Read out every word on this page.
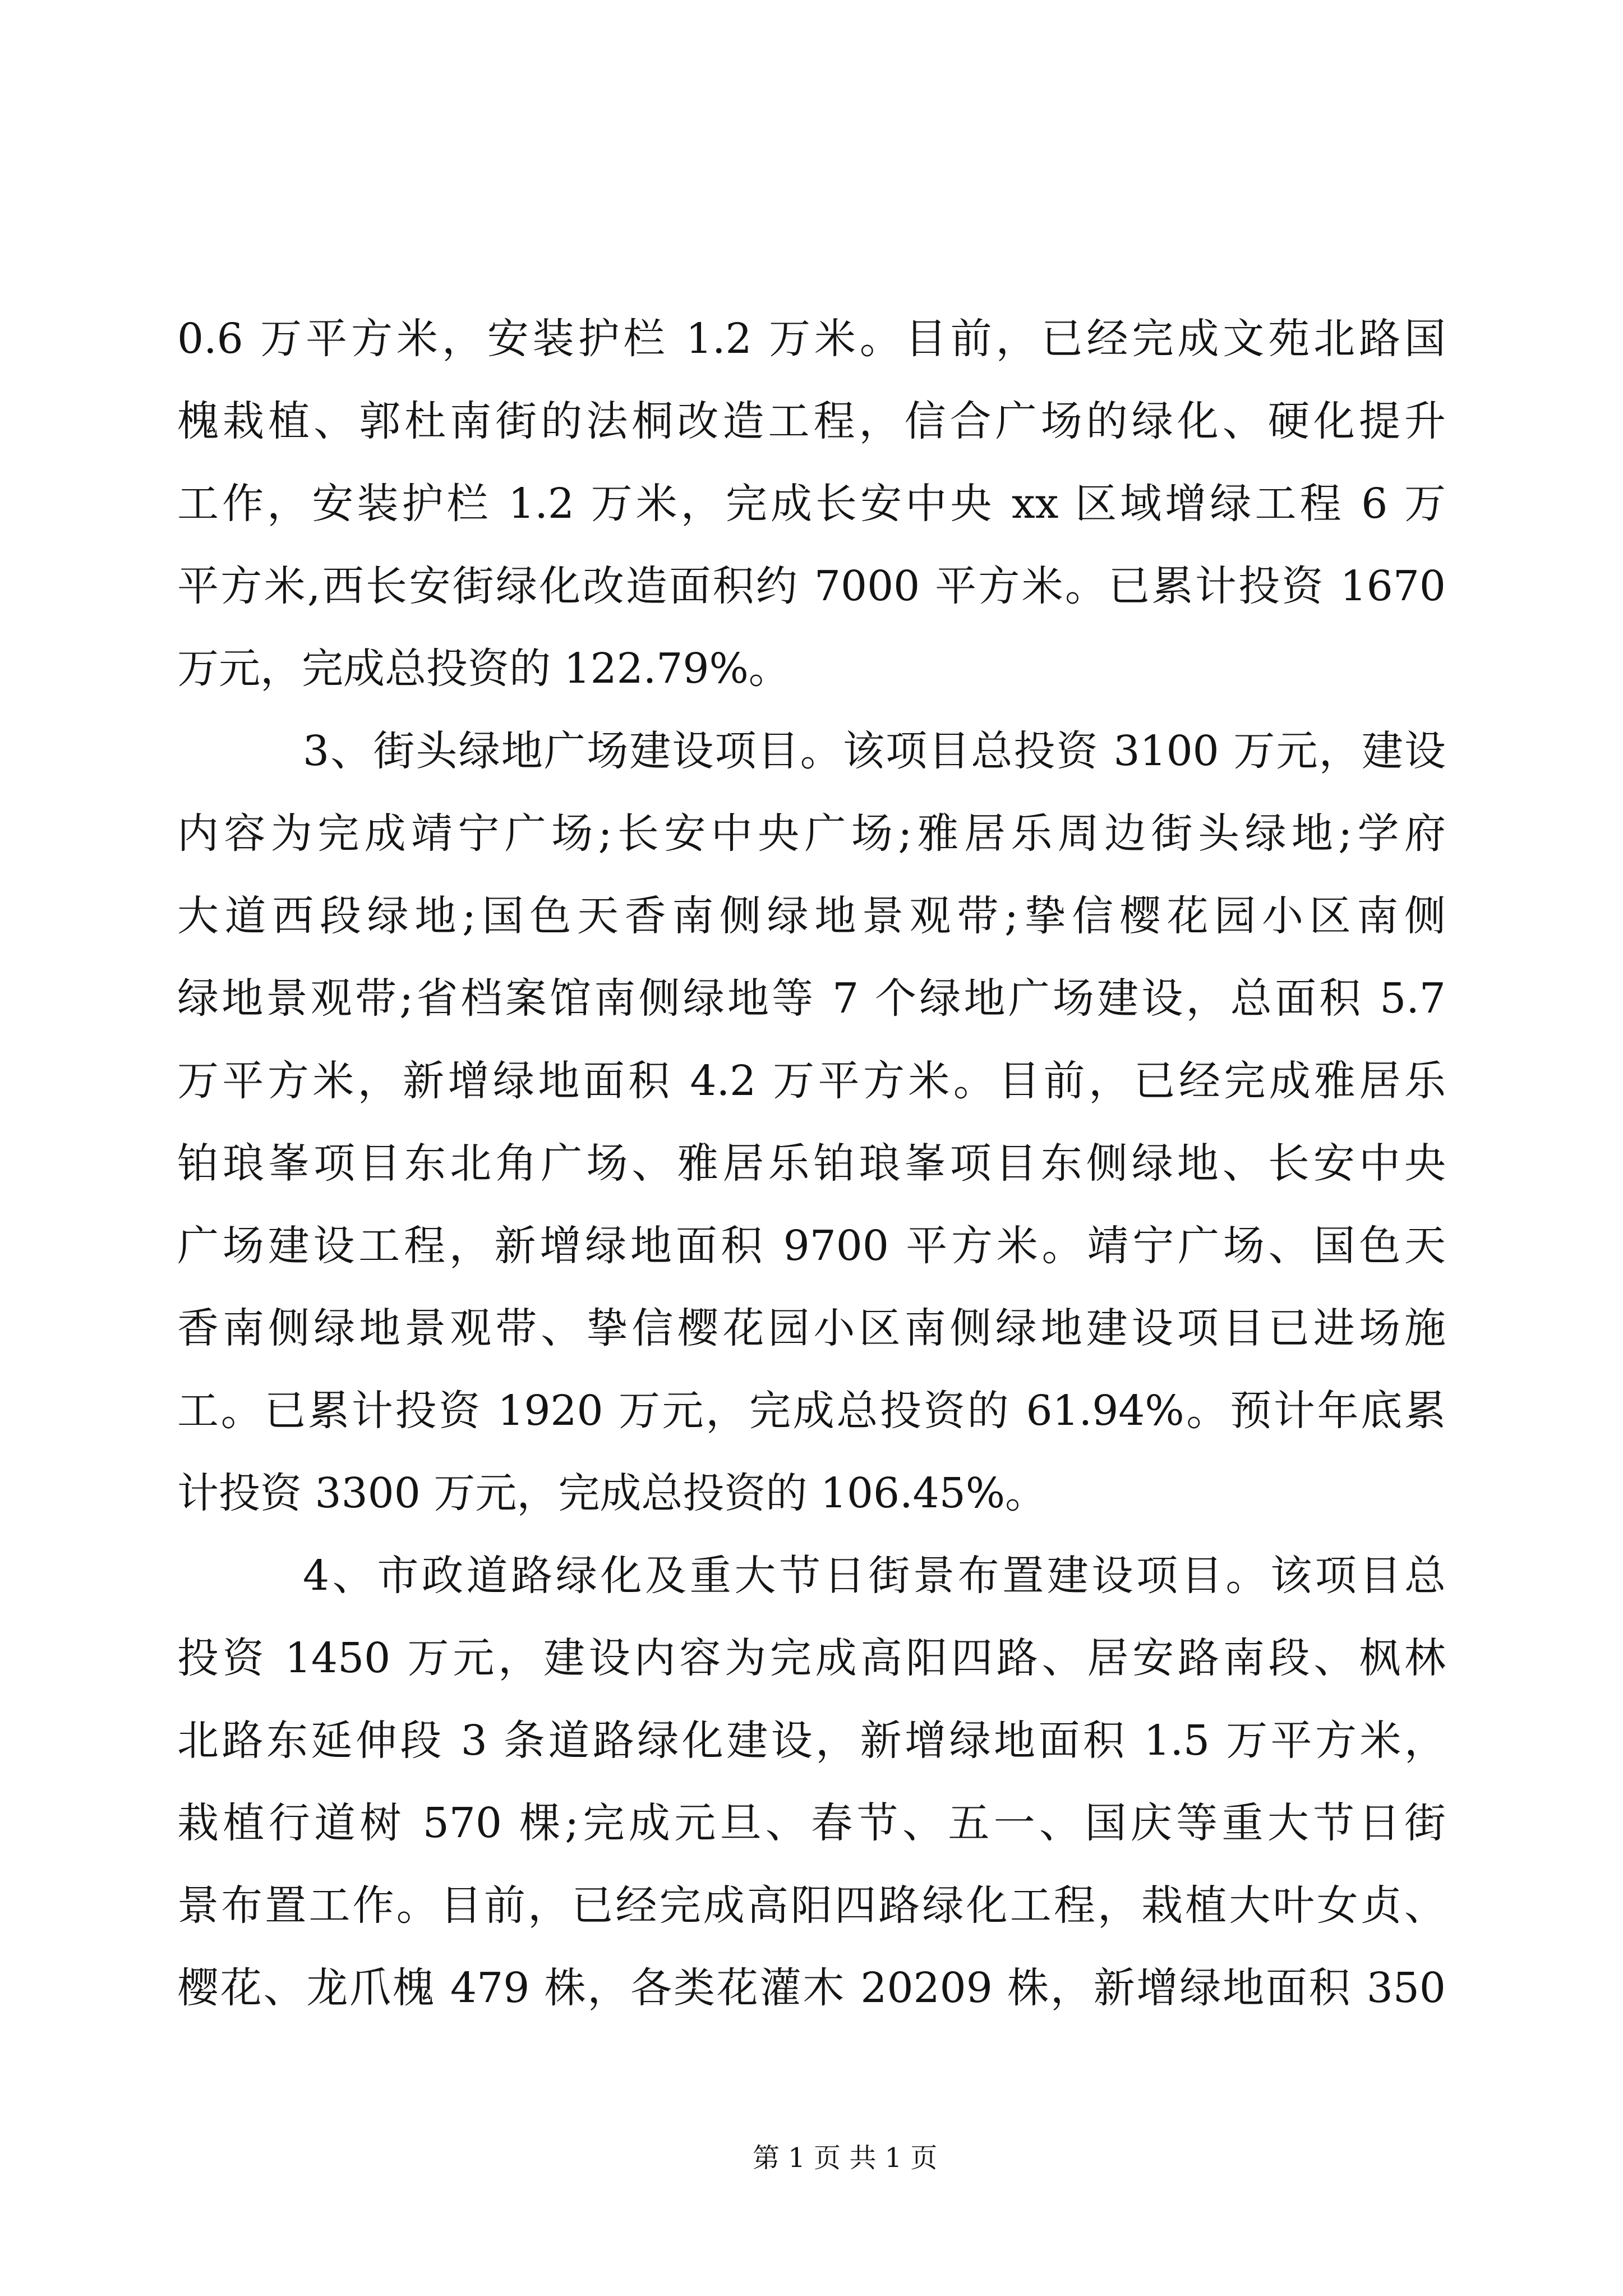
0.6 万平方米，安装护栏 1.2 万米。目前，已经完成文苑北路国
槐栽植、郭杜南街的法桐改造工程，信合广场的绿化、硬化提升
工作，安装护栏 1.2 万米，完成长安中央 xx 区域增绿工程 6 万
平方米,西长安街绿化改造面积约 7000 平方米。已累计投资 1670
万元，完成总投资的 122.79%。
3、街头绿地广场建设项目。该项目总投资 3100 万元，建设
内容为完成靖宁广场;长安中央广场;雅居乐周边街头绿地;学府
大道西段绿地;国色天香南侧绿地景观带;挚信樱花园小区南侧
绿地景观带;省档案馆南侧绿地等 7 个绿地广场建设，总面积 5.7
万平方米，新增绿地面积 4.2 万平方米。目前，已经完成雅居乐
铂琅峯项目东北角广场、雅居乐铂琅峯项目东侧绿地、长安中央
广场建设工程，新增绿地面积 9700 平方米。靖宁广场、国色天
香南侧绿地景观带、挚信樱花园小区南侧绿地建设项目已进场施
工。已累计投资 1920 万元，完成总投资的 61.94%。预计年底累
计投资 3300 万元，完成总投资的 106.45%。
4、市政道路绿化及重大节日街景布置建设项目。该项目总
投资 1450 万元，建设内容为完成高阳四路、居安路南段、枫林
北路东延伸段 3 条道路绿化建设，新增绿地面积 1.5 万平方米，
栽植行道树 570 棵;完成元旦、春节、五一、国庆等重大节日街
景布置工作。目前，已经完成高阳四路绿化工程，栽植大叶女贞、
樱花、龙爪槐 479 株，各类花灌木 20209 株，新增绿地面积 350
第 1 页 共 1 页
